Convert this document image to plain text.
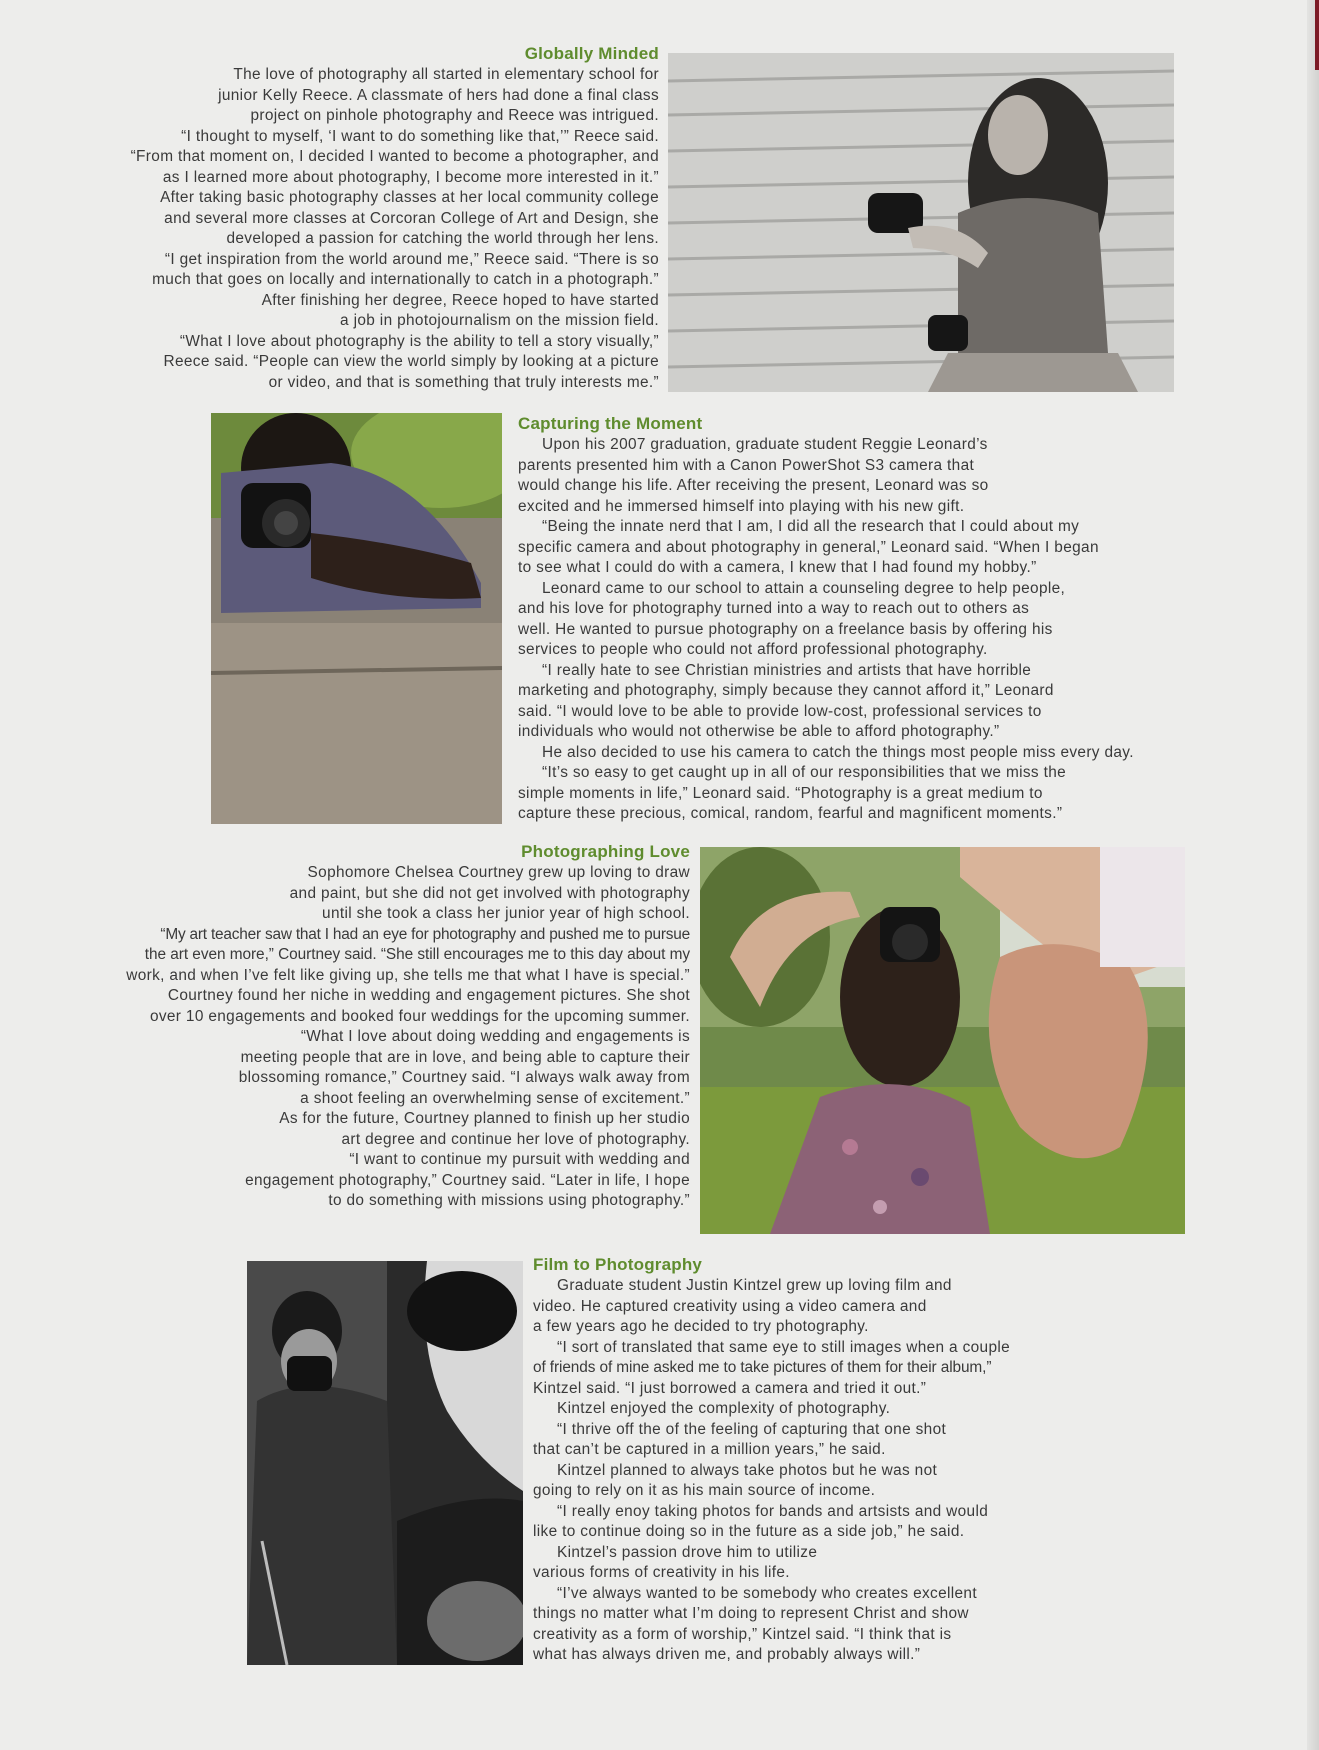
Globally Minded

The love of photography all started in elementary school for

junior Kelly Reece. A classmate of hers had done a final class

project on pinhole photography and Reece was intrigued.

“I thought to myself, ‘I want to do something like that,’” Reece said.

“From that moment on, I decided I wanted to become a photographer, and

as I learned more about photography, I become more interested in it.”

After taking basic photography classes at her local community college

and several more classes at Corcoran College of Art and Design, she

developed a passion for catching the world through her lens.

“I get inspiration from the world around me,” Reece said. “There is so

much that goes on locally and internationally to catch in a photograph.”

After finishing her degree, Reece hoped to have started

a job in photojournalism on the mission field.

“What I love about photography is the ability to tell a story visually,”

Reece said. “People can view the world simply by looking at a picture

or video, and that is something that truly interests me.”

Capturing the Moment

Upon his 2007 graduation, graduate student Reggie Leonard’s

parents presented him with a Canon PowerShot S3 camera that

would change his life. After receiving the present, Leonard was so

excited and he immersed himself into playing with his new gift.

“Being the innate nerd that I am, I did all the research that I could about my

specific camera and about photography in general,” Leonard said. “When I began

to see what I could do with a camera, I knew that I had found my hobby.”

Leonard came to our school to attain a counseling degree to help people,

and his love for photography turned into a way to reach out to others as

well. He wanted to pursue photography on a freelance basis by offering his

services to people who could not afford professional photography.

“I really hate to see Christian ministries and artists that have horrible

marketing and photography, simply because they cannot afford it,” Leonard

said. “I would love to be able to provide low-cost, professional services to

individuals who would not otherwise be able to afford photography.”

He also decided to use his camera to catch the things most people miss every day.

“It’s so easy to get caught up in all of our responsibilities that we miss the

simple moments in life,” Leonard said. “Photography is a great medium to

capture these precious, comical, random, fearful and magnificent moments.”

Photographing Love

Sophomore Chelsea Courtney grew up loving to draw

and paint, but she did not get involved with photography

until she took a class her junior year of high school.

“My art teacher saw that I had an eye for photography and pushed me to pursue

the art even more,” Courtney said. “She still encourages me to this day about my

work, and when I’ve felt like giving up, she tells me that what I have is special.”

Courtney found her niche in wedding and engagement pictures. She shot

over 10 engagements and booked four weddings for the upcoming summer.

“What I love about doing wedding and engagements is

meeting people that are in love, and being able to capture their

blossoming romance,” Courtney said. “I always walk away from

a shoot feeling an overwhelming sense of excitement.”

As for the future, Courtney planned to finish up her studio

art degree and continue her love of photography.

“I want to continue my pursuit with wedding and

engagement photography,” Courtney said. “Later in life, I hope

to do something with missions using photography.”

Film to Photography

Graduate student Justin Kintzel grew up loving film and

video. He captured creativity using a video camera and

a few years ago he decided to try photography.

“I sort of translated that same eye to still images when a couple

of friends of mine asked me to take pictures of them for their album,”

Kintzel said. “I just borrowed a camera and tried it out.”

Kintzel enjoyed the complexity of photography.

“I thrive off the of the feeling of capturing that one shot

that can’t be captured in a million years,” he said.

Kintzel planned to always take photos but he was not

going to rely on it as his main source of income.

“I really enoy taking photos for bands and artsists and would

like to continue doing so in the future as a side job,” he said.

Kintzel’s passion drove him to utilize

various forms of creativity in his life.

“I’ve always wanted to be somebody who creates excellent

things no matter what I’m doing to represent Christ and show

creativity as a form of worship,” Kintzel said. “I think that is

what has always driven me, and probably always will.”
